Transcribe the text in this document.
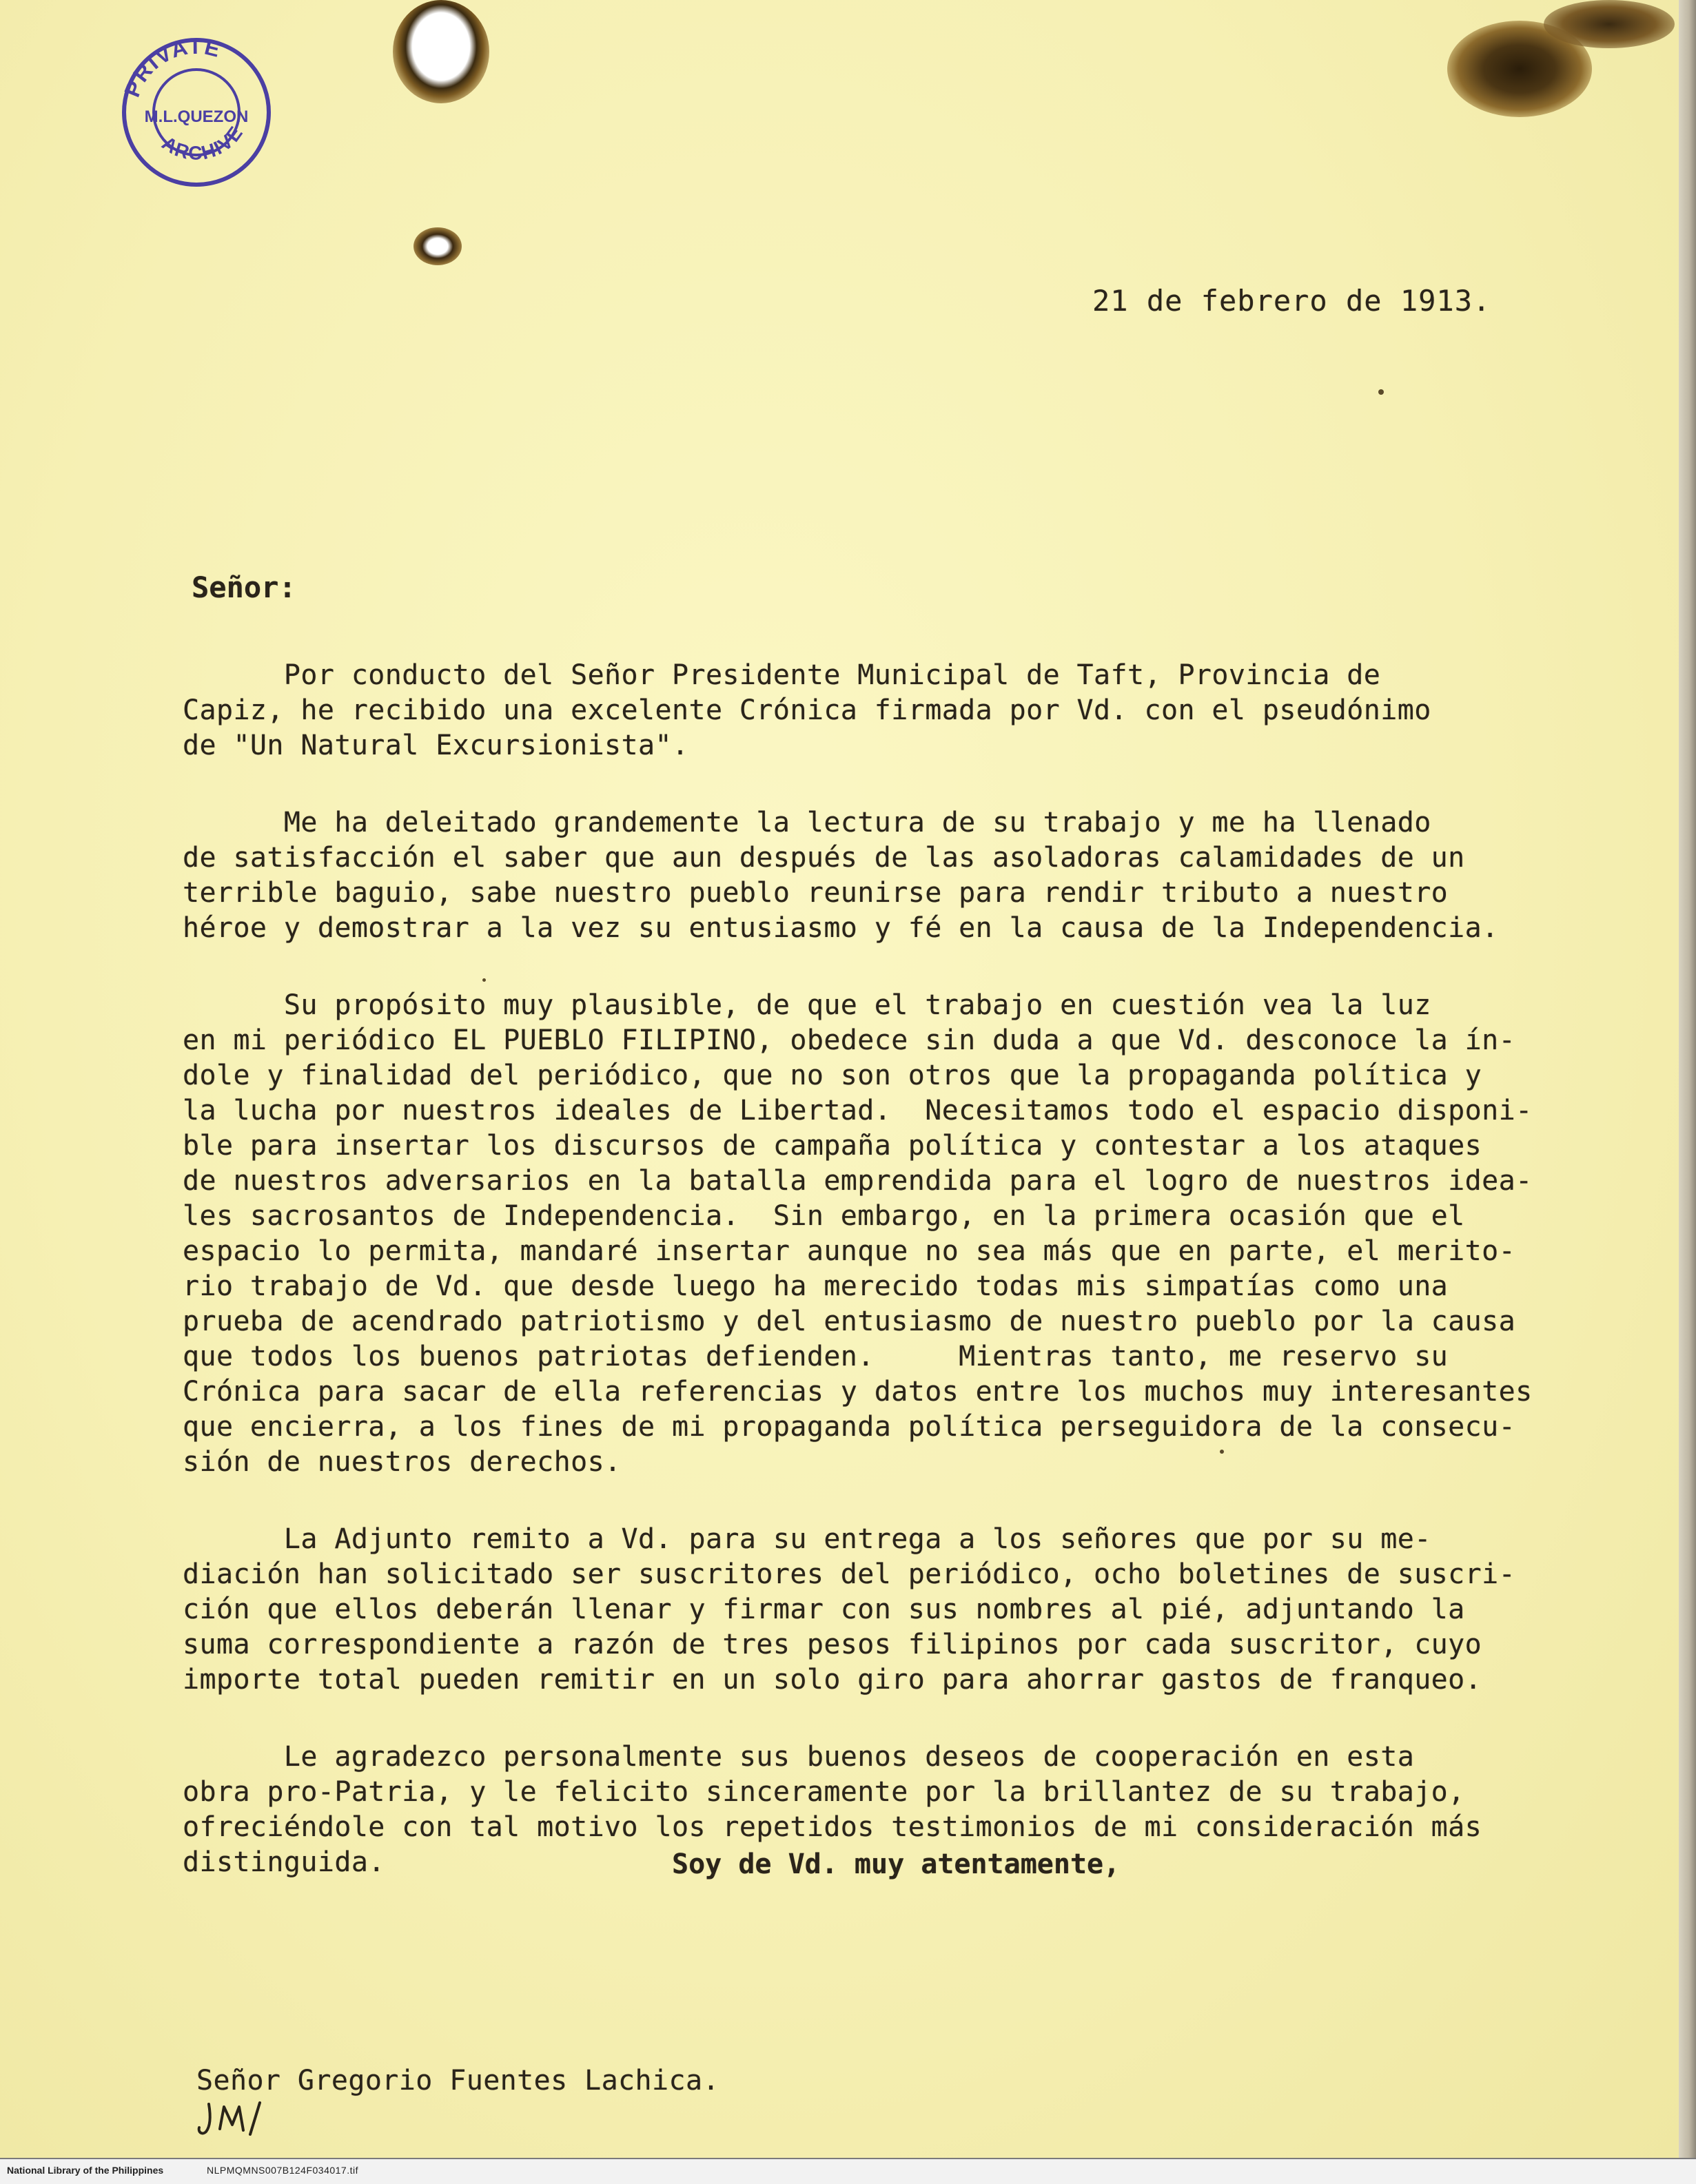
PRIVATE
M.L.QUEZON
ARCHIVE
21 de febrero de 1913.
Señor:
Por conducto del Señor Presidente Municipal de Taft, Provincia de
Capiz, he recibido una excelente Crónica firmada por Vd. con el pseudónimo
de "Un Natural Excursionista".
Me ha deleitado grandemente la lectura de su trabajo y me ha llenado
de satisfacción el saber que aun después de las asoladoras calamidades de un
terrible baguio, sabe nuestro pueblo reunirse para rendir tributo a nuestro
héroe y demostrar a la vez su entusiasmo y fé en la causa de la Independencia.
Su propósito muy plausible, de que el trabajo en cuestión vea la luz
en mi periódico EL PUEBLO FILIPINO, obedece sin duda a que Vd. desconoce la ín-
dole y finalidad del periódico, que no son otros que la propaganda política y
la lucha por nuestros ideales de Libertad.  Necesitamos todo el espacio disponi-
ble para insertar los discursos de campaña política y contestar a los ataques
de nuestros adversarios en la batalla emprendida para el logro de nuestros idea-
les sacrosantos de Independencia.  Sin embargo, en la primera ocasión que el
espacio lo permita, mandaré insertar aunque no sea más que en parte, el merito-
rio trabajo de Vd. que desde luego ha merecido todas mis simpatías como una
prueba de acendrado patriotismo y del entusiasmo de nuestro pueblo por la causa
que todos los buenos patriotas defienden.     Mientras tanto, me reservo su
Crónica para sacar de ella referencias y datos entre los muchos muy interesantes
que encierra, a los fines de mi propaganda política perseguidora de la consecu-
sión de nuestros derechos.
La Adjunto remito a Vd. para su entrega a los señores que por su me-
diación han solicitado ser suscritores del periódico, ocho boletines de suscri-
ción que ellos deberán llenar y firmar con sus nombres al pié, adjuntando la
suma correspondiente a razón de tres pesos filipinos por cada suscritor, cuyo
importe total pueden remitir en un solo giro para ahorrar gastos de franqueo.
Le agradezco personalmente sus buenos deseos de cooperación en esta
obra pro-Patria, y le felicito sinceramente por la brillantez de su trabajo,
ofreciéndole con tal motivo los repetidos testimonios de mi consideración más
distinguida.	Soy de Vd. muy atentamente,

Señor Gregorio Fuentes Lachica.

National Library of the Philippines	NLPMQMNS007B124F034017.tif
